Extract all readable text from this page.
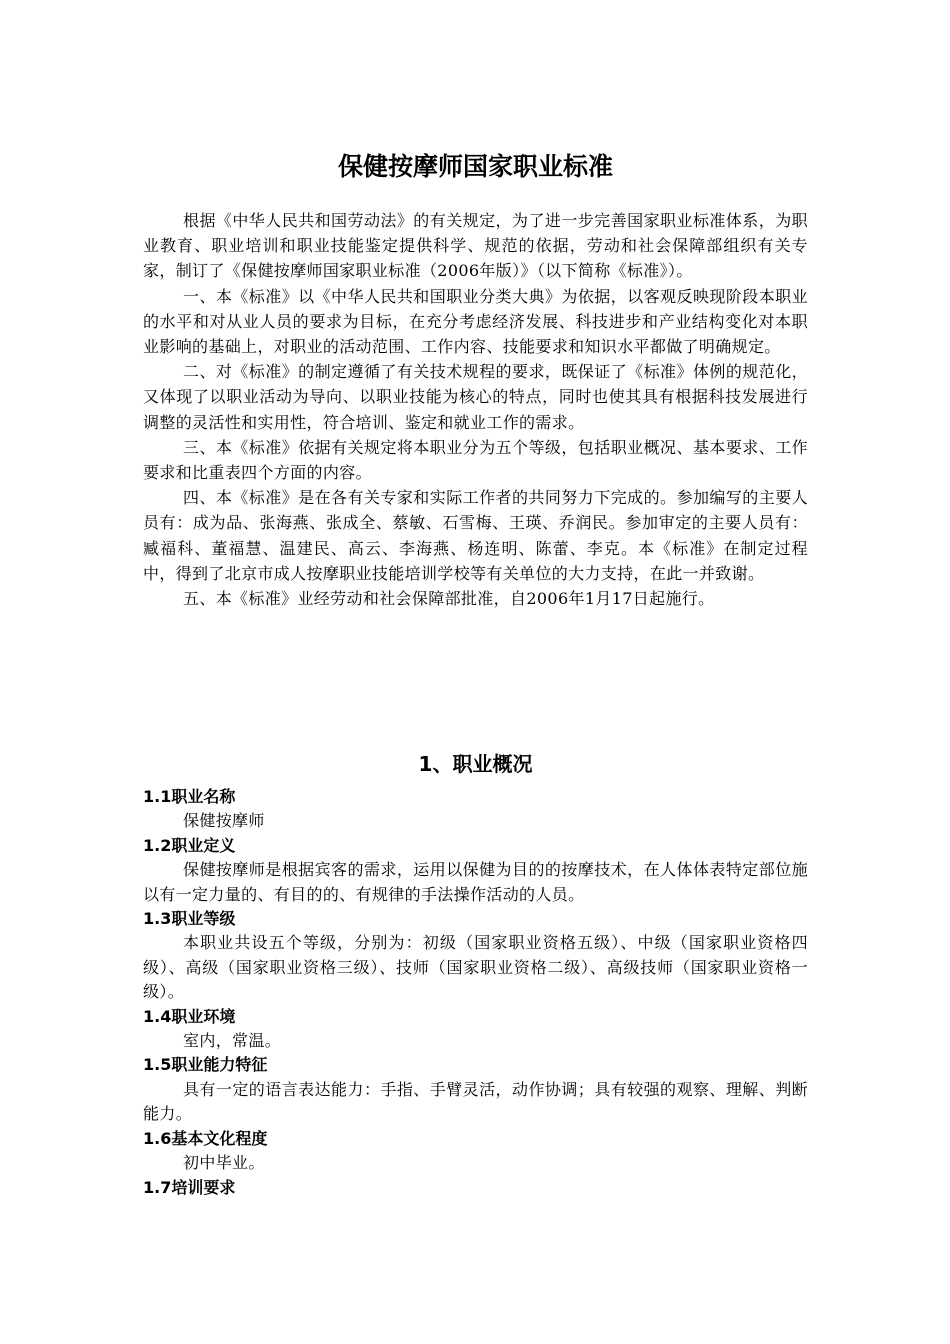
保健按摩师国家职业标准

根据《中华人民共和国劳动法》的有关规定，为了进一步完善国家职业标准体系，为职业教育、职业培训和职业技能鉴定提供科学、规范的依据，劳动和社会保障部组织有关专家，制订了《保健按摩师国家职业标准（2006年版）》（以下简称《标准》）。

一、本《标准》以《中华人民共和国职业分类大典》为依据，以客观反映现阶段本职业的水平和对从业人员的要求为目标，在充分考虑经济发展、科技进步和产业结构变化对本职业影响的基础上，对职业的活动范围、工作内容、技能要求和知识水平都做了明确规定。

二、对《标准》的制定遵循了有关技术规程的要求，既保证了《标准》体例的规范化，又体现了以职业活动为导向、以职业技能为核心的特点，同时也使其具有根据科技发展进行调整的灵活性和实用性，符合培训、鉴定和就业工作的需求。

三、本《标准》依据有关规定将本职业分为五个等级，包括职业概况、基本要求、工作要求和比重表四个方面的内容。

四、本《标准》是在各有关专家和实际工作者的共同努力下完成的。参加编写的主要人员有：成为品、张海燕、张成全、蔡敏、石雪梅、王瑛、乔润民。参加审定的主要人员有：臧福科、董福慧、温建民、高云、李海燕、杨连明、陈蕾、李克。本《标准》在制定过程中，得到了北京市成人按摩职业技能培训学校等有关单位的大力支持，在此一并致谢。

五、本《标准》业经劳动和社会保障部批准，自2006年1月17日起施行。

1、职业概况

1.1职业名称

保健按摩师

1.2职业定义

保健按摩师是根据宾客的需求，运用以保健为目的的按摩技术，在人体体表特定部位施以有一定力量的、有目的的、有规律的手法操作活动的人员。

1.3职业等级

本职业共设五个等级，分别为：初级（国家职业资格五级）、中级（国家职业资格四级）、高级（国家职业资格三级）、技师（国家职业资格二级）、高级技师（国家职业资格一级）。

1.4职业环境

室内，常温。

1.5职业能力特征

具有一定的语言表达能力：手指、手臂灵活，动作协调；具有较强的观察、理解、判断能力。

1.6基本文化程度

初中毕业。

1.7培训要求
